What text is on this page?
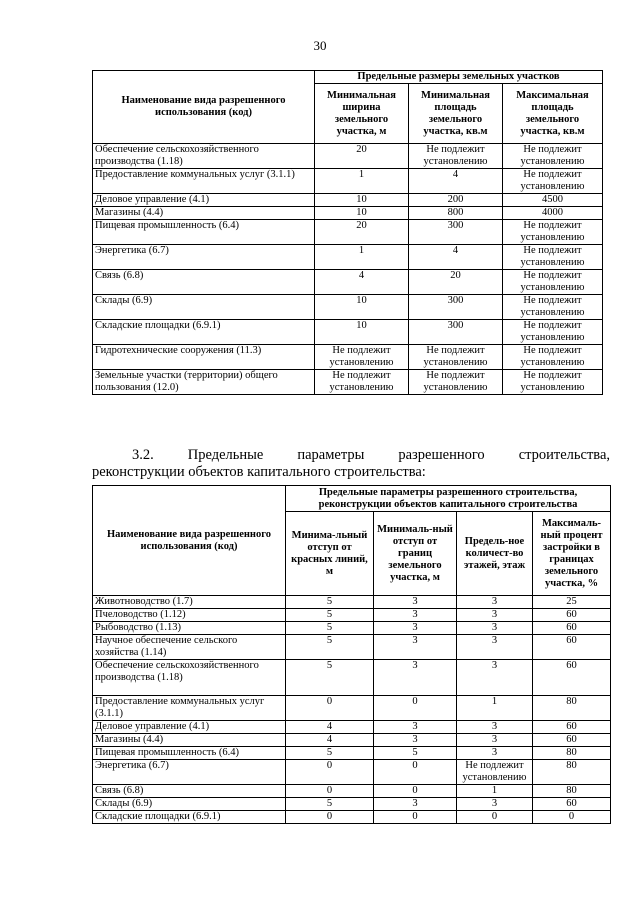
30
Наименование вида разрешенного использования (код)	Предельные размеры земельных участков		
	Минимальная ширина земельного участка, м	Минимальная площадь земельного участка, кв.м	Максимальная площадь земельного участка, кв.м
Обеспечение сельскохозяйственного производства (1.18)	20	Не подлежит установлению	Не подлежит установлению
Предоставление коммунальных услуг (3.1.1)	1	4	Не подлежит установлению
Деловое управление (4.1)	10	200	4500
Магазины (4.4)	10	800	4000
Пищевая промышленность (6.4)	20	300	Не подлежит установлению
Энергетика (6.7)	1	4	Не подлежит установлению
Связь (6.8)	4	20	Не подлежит установлению
Склады (6.9)	10	300	Не подлежит установлению
Складские площадки (6.9.1)	10	300	Не подлежит установлению
Гидротехнические сооружения (11.3)	Не подлежит установлению	Не подлежит установлению	Не подлежит установлению
Земельные участки (территории) общего пользования (12.0)	Не подлежит установлению	Не подлежит установлению	Не подлежит установлению
3.2. Предельные параметры разрешенного строительства,
реконструкции объектов капитального строительства:
Наименование вида разрешенного использования (код)	Предельные параметры разрешенного строительства, реконструкции объектов капитального строительства			
	Минима-льный отступ от красных линий, м	Минималь-ный отступ от границ земельного участка, м	Предель-ное количест-во этажей, этаж	Максималь-ный процент застройки в границах земельного участка, %
Животноводство (1.7)	5	3	3	25
Пчеловодство (1.12)	5	3	3	60
Рыбоводство (1.13)	5	3	3	60
Научное обеспечение сельского хозяйства (1.14)	5	3	3	60
Обеспечение сельскохозяйственного производства (1.18)	5	3	3	60
Предоставление коммунальных услуг (3.1.1)	0	0	1	80
Деловое управление (4.1)	4	3	3	60
Магазины (4.4)	4	3	3	60
Пищевая промышленность (6.4)	5	5	3	80
Энергетика (6.7)	0	0	Не подлежит установлению	80
Связь (6.8)	0	0	1	80
Склады (6.9)	5	3	3	60
Складские площадки (6.9.1)	0	0	0	0
